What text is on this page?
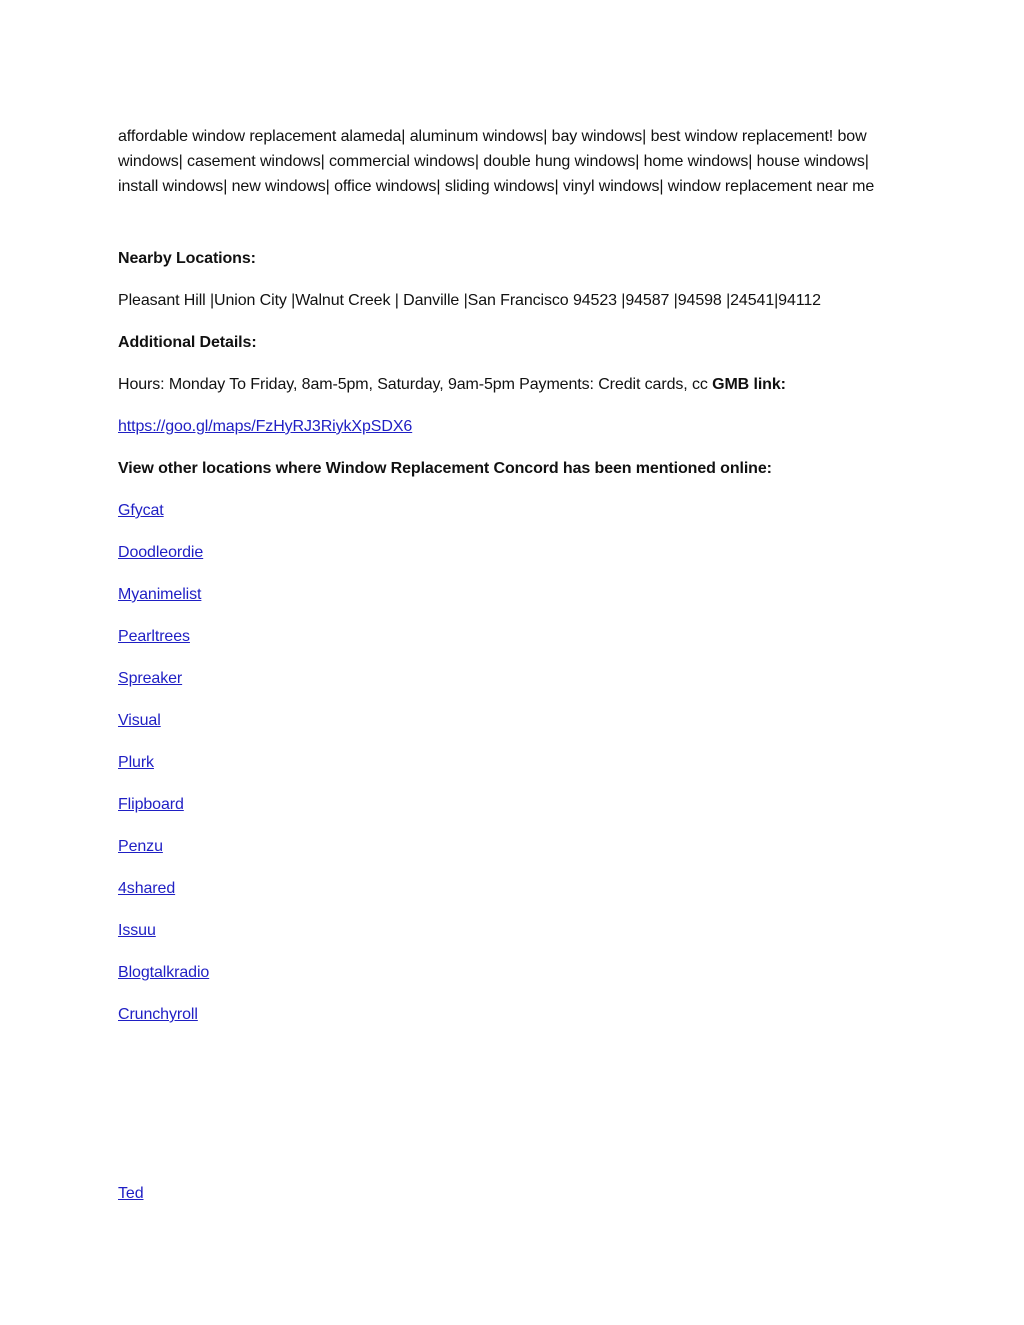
affordable window replacement alameda| aluminum windows| bay windows| best window replacement! bow windows| casement windows| commercial windows| double hung windows| home windows| house windows| install windows| new windows| office windows| sliding windows| vinyl windows| window replacement near me

Nearby Locations:

Pleasant Hill |Union City |Walnut Creek | Danville |San Francisco 94523 |94587 |94598 |24541|94112

Additional Details:

Hours: Monday To Friday, 8am-5pm, Saturday, 9am-5pm Payments: Credit cards, cc GMB link:

https://goo.gl/maps/FzHyRJ3RiykXpSDX6

View other locations where Window Replacement Concord has been mentioned online:

Gfycat

Doodleordie

Myanimelist

Pearltrees

Spreaker

Visual

Plurk

Flipboard

Penzu

4shared

Issuu

Blogtalkradio

Crunchyroll

Ted
